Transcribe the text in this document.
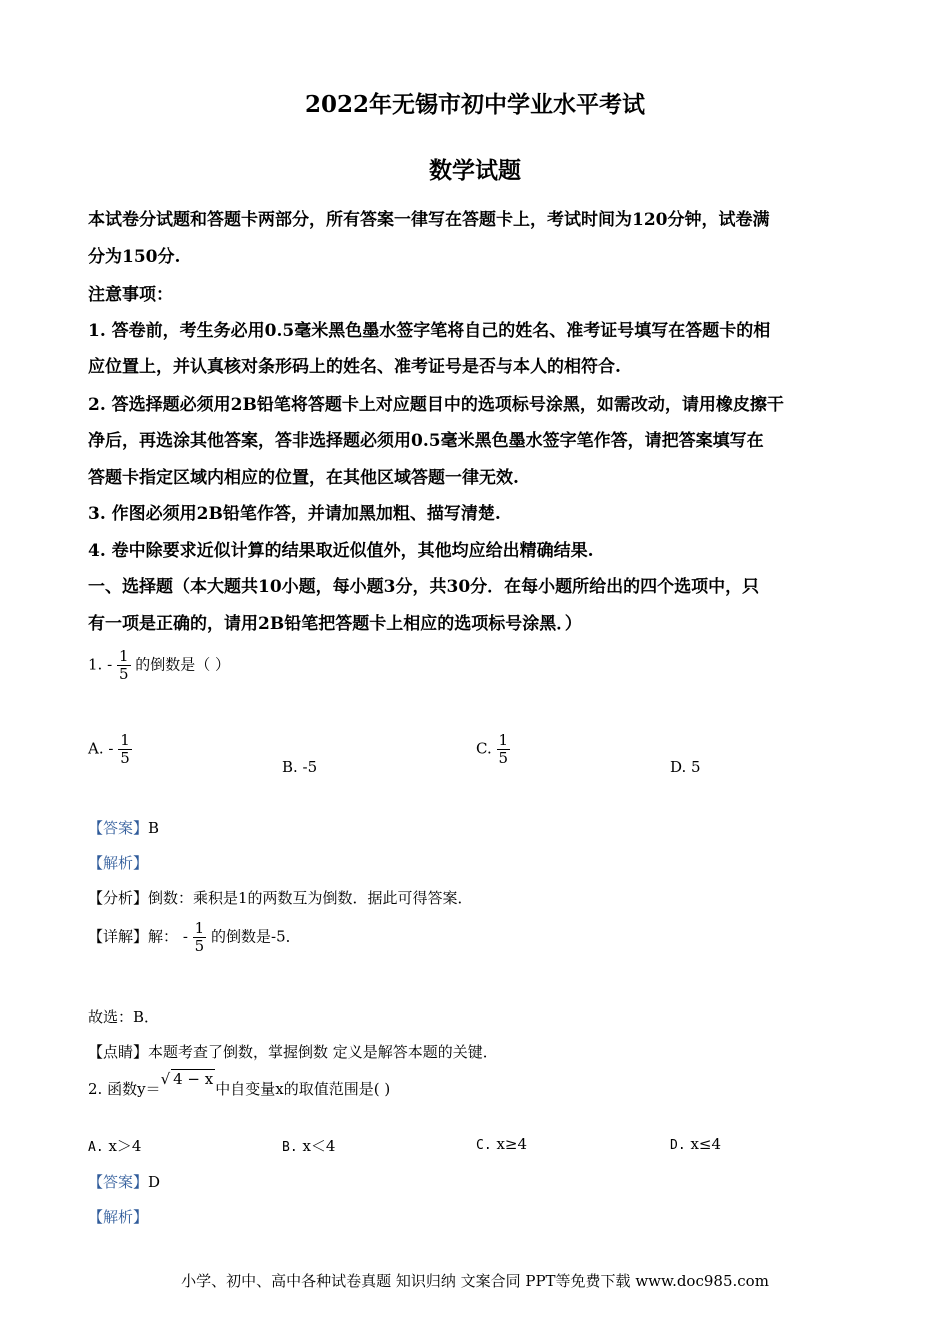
2022年无锡市初中学业水平考试
数学试题
本试卷分试题和答题卡两部分，所有答案一律写在答题卡上，考试时间为120分钟，试卷满
分为150分.
注意事项：
1. 答卷前，考生务必用0.5毫米黑色墨水签字笔将自己的姓名、准考证号填写在答题卡的相
应位置上，并认真核对条形码上的姓名、准考证号是否与本人的相符合.
2. 答选择题必须用2B铅笔将答题卡上对应题目中的选项标号涂黑，如需改动，请用橡皮擦干
净后，再选涂其他答案，答非选择题必须用0.5毫米黑色墨水签字笔作答，请把答案填写在
答题卡指定区域内相应的位置，在其他区域答题一律无效.
3. 作图必须用2B铅笔作答，并请加黑加粗、描写清楚.
4. 卷中除要求近似计算的结果取近似值外，其他均应给出精确结果.
一、选择题（本大题共10小题，每小题3分，共30分．在每小题所给出的四个选项中，只
有一项是正确的，请用2B铅笔把答题卡上相应的选项标号涂黑．）
1. - $\frac{1}{5}$ 的倒数是（ ）
A. - $\frac{1}{5}$	B. -5
C. $\frac{1}{5}$	D. 5
【答案】B
【解析】
【分析】倒数：乘积是1的两数互为倒数．据此可得答案．
【详解】解： - $\frac{1}{5}$ 的倒数是-5．
故选：B．
【点睛】本题考查了倒数，掌握倒数 定义是解答本题的关键．
2. 函数y＝√ 4 − x中自变量x的取值范围是( )
A. x＞4	B. x＜4	C. x≥4	D. x≤4
【答案】D
【解析】
小学、初中、高中各种试卷真题 知识归纳 文案合同 PPT等免费下载 www.doc985.com
